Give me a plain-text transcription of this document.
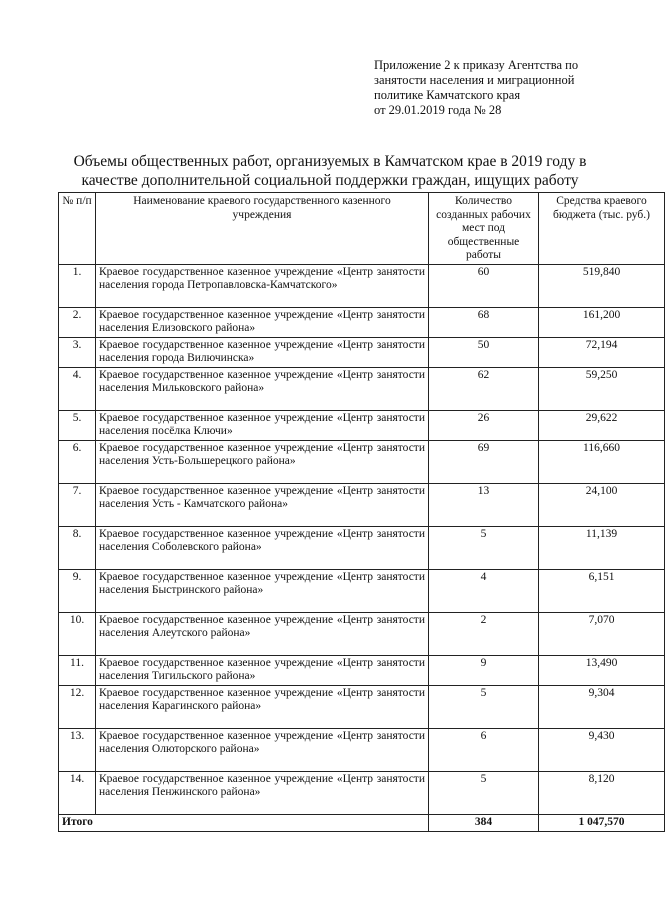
Приложение 2 к приказу Агентства по
занятости населения и миграционной
политике Камчатского края
от 29.01.2019 года № 28
Объемы общественных работ, организуемых в Камчатском крае в 2019 году в качестве дополнительной социальной поддержки граждан, ищущих работу
№ п/п	Наименование краевого государственного казенного учреждения	Количество созданных рабочих мест под общественные работы	Средства краевого бюджета (тыс. руб.)
1.	Краевое государственное казенное учреждение «Центр занятости населения города Петропавловска-Камчатского»	60	519,840
2.	Краевое государственное казенное учреждение «Центр занятости населения Елизовского района»	68	161,200
3.	Краевое государственное казенное учреждение «Центр занятости населения города Вилючинска»	50	72,194
4.	Краевое государственное казенное учреждение «Центр занятости населения Мильковского района»	62	59,250
5.	Краевое государственное казенное учреждение «Центр занятости населения посёлка Ключи»	26	29,622
6.	Краевое государственное казенное учреждение «Центр занятости населения Усть-Большерецкого района»	69	116,660
7.	Краевое государственное казенное учреждение «Центр занятости населения Усть - Камчатского района»	13	24,100
8.	Краевое государственное казенное учреждение «Центр занятости населения Соболевского района»	5	11,139
9.	Краевое государственное казенное учреждение «Центр занятости населения Быстринского района»	4	6,151
10.	Краевое государственное казенное учреждение «Центр занятости населения Алеутского района»	2	7,070
11.	Краевое государственное казенное учреждение «Центр занятости населения Тигильского района»	9	13,490
12.	Краевое государственное казенное учреждение «Центр занятости населения Карагинского района»	5	9,304
13.	Краевое государственное казенное учреждение «Центр занятости населения Олюторского района»	6	9,430
14.	Краевое государственное казенное учреждение «Центр занятости населения Пенжинского района»	5	8,120
Итого		384	1 047,570
